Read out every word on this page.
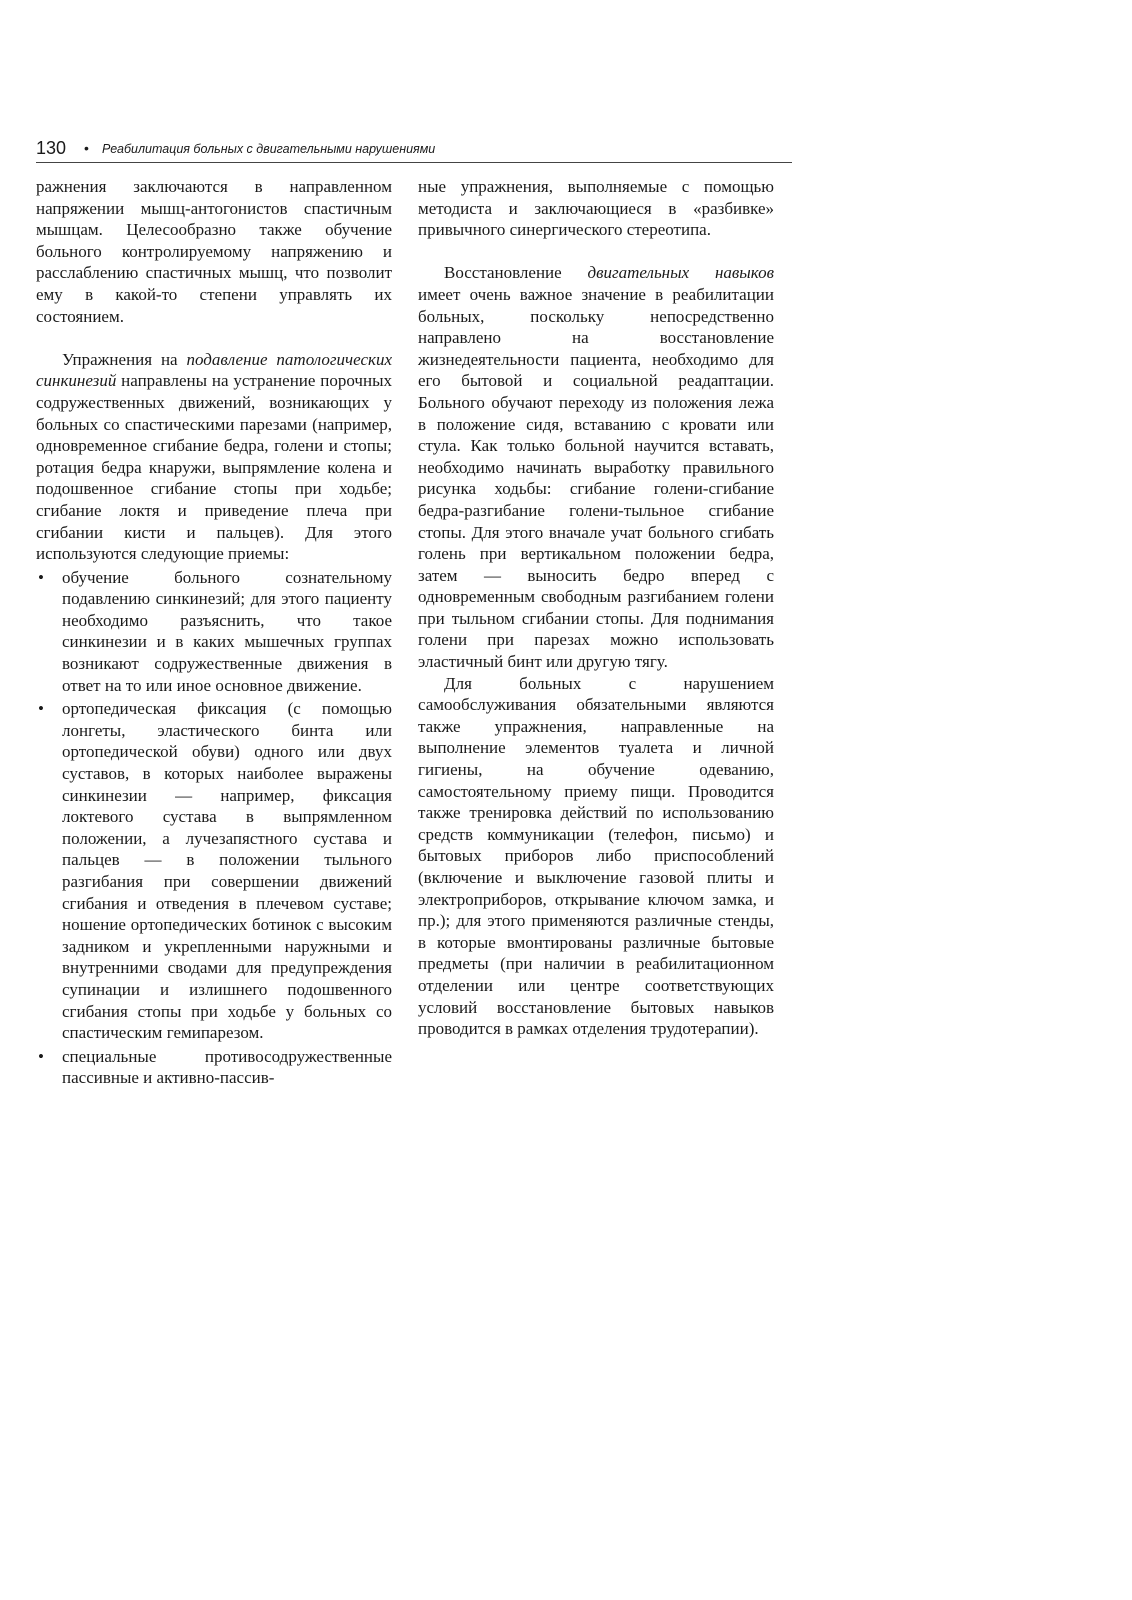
130 • Реабилитация больных с двигательными нарушениями

ражнения заключаются в направленном напряжении мышц-антогонистов спастичным мышцам. Целесообразно также обучение больного контролируемому напряжению и расслаблению спастичных мышц, что позволит ему в какой-то степени управлять их состоянием.

Упражнения на подавление патологических синкинезий направлены на устранение порочных содружественных движений, возникающих у больных со спастическими парезами (например, одновременное сгибание бедра, голени и стопы; ротация бедра кнаружи, выпрямление колена и подошвенное сгибание стопы при ходьбе; сгибание локтя и приведение плеча при сгибании кисти и пальцев). Для этого используются следующие приемы:

• обучение больного сознательному подавлению синкинезий; для этого пациенту необходимо разъяснить, что такое синкинезии и в каких мышечных группах возникают содружественные движения в ответ на то или иное основное движение.
• ортопедическая фиксация (с помощью лонгеты, эластического бинта или ортопедической обуви) одного или двух суставов, в которых наиболее выражены синкинезии — например, фиксация локтевого сустава в выпрямленном положении, а лучезапястного сустава и пальцев — в положении тыльного разгибания при совершении движений сгибания и отведения в плечевом суставе; ношение ортопедических ботинок с высоким задником и укрепленными наружными и внутренними сводами для предупреждения супинации и излишнего подошвенного сгибания стопы при ходьбе у больных со спастическим гемипарезом.
• специальные противосодружественные пассивные и активно-пассив-

ные упражнения, выполняемые с помощью методиста и заключающиеся в «разбивке» привычного синергического стереотипа.

Восстановление двигательных навыков имеет очень важное значение в реабилитации больных, поскольку непосредственно направлено на восстановление жизнедеятельности пациента, необходимо для его бытовой и социальной реадаптации. Больного обучают переходу из положения лежа в положение сидя, вставанию с кровати или стула. Как только больной научится вставать, необходимо начинать выработку правильного рисунка ходьбы: сгибание голени-сгибание бедра-разгибание голени-тыльное сгибание стопы. Для этого вначале учат больного сгибать голень при вертикальном положении бедра, затем — выносить бедро вперед с одновременным свободным разгибанием голени при тыльном сгибании стопы. Для поднимания голени при парезах можно использовать эластичный бинт или другую тягу.

Для больных с нарушением самообслуживания обязательными являются также упражнения, направленные на выполнение элементов туалета и личной гигиены, на обучение одеванию, самостоятельному приему пищи. Проводится также тренировка действий по использованию средств коммуникации (телефон, письмо) и бытовых приборов либо приспособлений (включение и выключение газовой плиты и электроприборов, открывание ключом замка, и пр.); для этого применяются различные стенды, в которые вмонтированы различные бытовые предметы (при наличии в реабилитационном отделении или центре соответствующих условий восстановление бытовых навыков проводится в рамках отделения трудотерапии).
